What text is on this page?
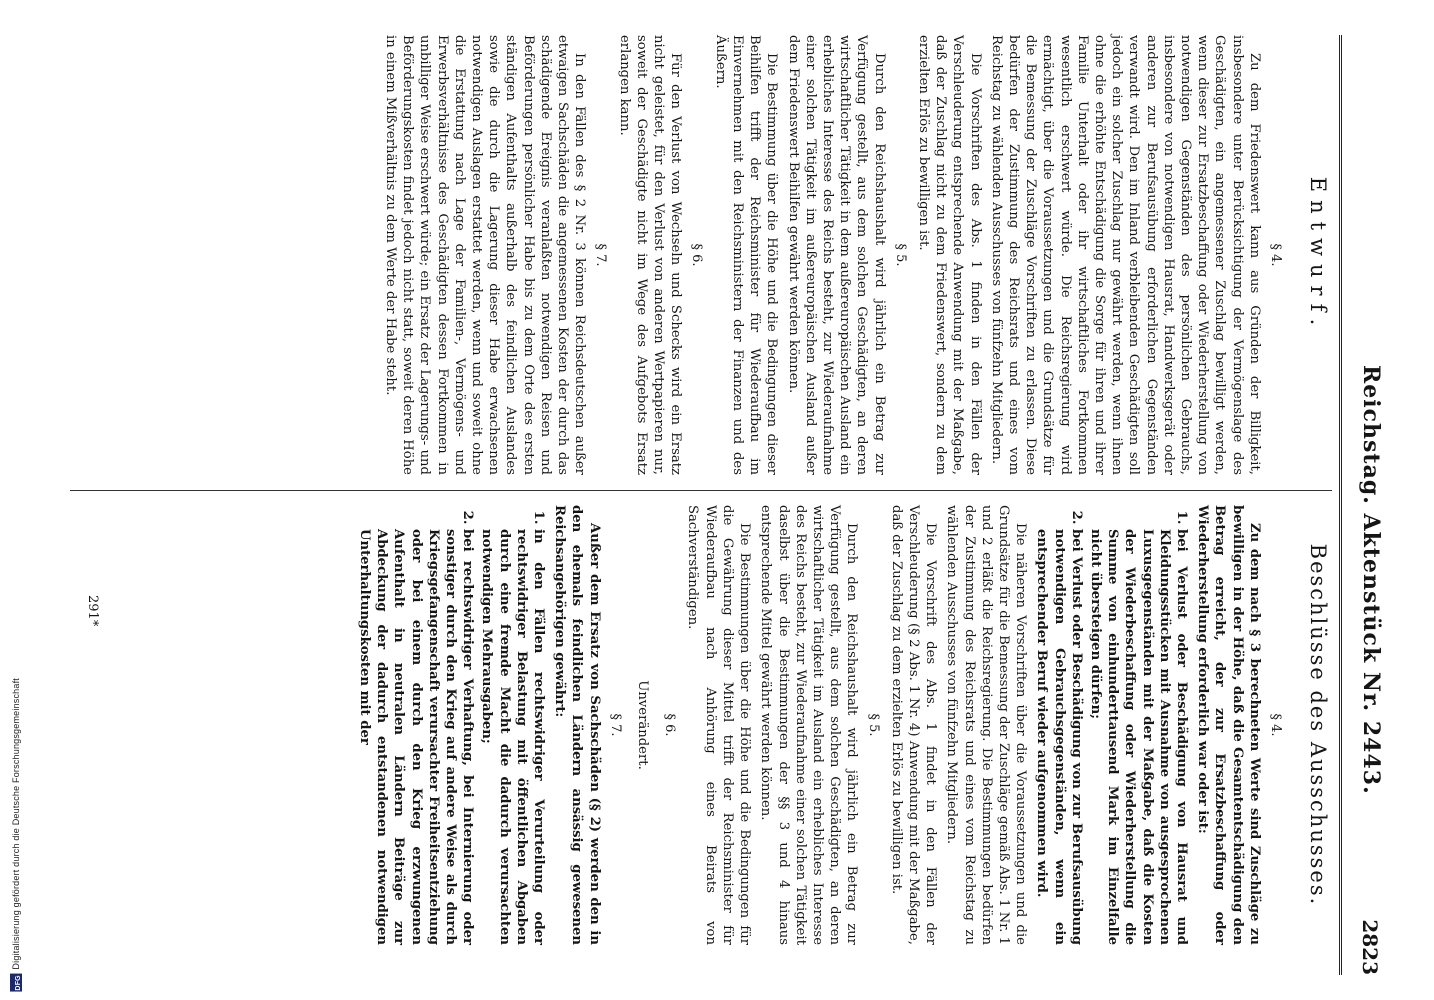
DFG
Digitalisierung gefördert durch die Deutsche Forschungsgemeinschaft
Reichstag. Aktenstück Nr. 2443.
2823
Entwurf.
Beschlüsse des Ausschusses.
§ 4.

Zu dem Friedenswert kann aus Gründen der Billigkeit, insbesondere unter Berücksichtigung der Vermögenslage des Geschädigten, ein angemessener Zuschlag bewilligt werden, wenn dieser zur Ersatzbeschaffung oder Wiederherstellung von notwendigen Gegenständen des persönlichen Gebrauchs, insbesondere von notwendigen Hausrat, Handwerksgerät oder anderen zur Berufsausübung erforderlichen Gegenständen verwandt wird. Den im Inland verbleibenden Geschädigten soll jedoch ein solcher Zuschlag nur gewährt werden, wenn ihnen ohne die erhöhte Entschädigung die Sorge für ihren und ihrer Familie Unterhalt oder ihr wirtschaftliches Fortkommen wesentlich erschwert würde. Die Reichsregierung wird ermächtigt, über die Voraussetzungen und die Grundsätze für die Bemessung der Zuschläge Vorschriften zu erlassen. Diese bedürfen der Zustimmung des Reichsrats und eines vom Reichstag zu wählenden Ausschusses von fünfzehn Mitgliedern.

Die Vorschriften des Abs. 1 finden in den Fällen der Verschleuderung entsprechende Anwendung mit der Maßgabe, daß der Zuschlag nicht zu dem Friedenswert, sondern zu dem erzielten Erlös zu bewilligen ist.

§ 5.

Durch den Reichshaushalt wird jährlich ein Betrag zur Verfügung gestellt, aus dem solchen Geschädigten, an deren wirtschaftlicher Tätigkeit in dem außereuropäischen Ausland ein erhebliches Interesse des Reichs besteht, zur Wiederaufnahme einer solchen Tätigkeit im außereuropäischen Ausland außer dem Friedenswert Beihilfen gewährt werden können.

Die Bestimmung über die Höhe und die Bedingungen dieser Beihilfen trifft der Reichsminister für Wiederaufbau im Einvernehmen mit den Reichsministern der Finanzen und des Äußern.

§ 6.

Für den Verlust von Wechseln und Schecks wird ein Ersatz nicht geleistet, für den Verlust von anderen Wertpapieren nur, soweit der Geschädigte nicht im Wege des Aufgebots Ersatz erlangen kann.

§ 7.

In den Fällen des § 2 Nr. 3 können Reichsdeutschen außer etwaigen Sachschäden die angemessenen Kosten der durch das schädigende Ereignis veranlaßten notwendigen Reisen und Beförderungen persönlicher Habe bis zu dem Orte des ersten ständigen Aufenthalts außerhalb des feindlichen Auslandes sowie die durch die Lagerung dieser Habe erwachsenen notwendigen Auslagen erstattet werden, wenn und soweit ohne die Erstattung nach Lage der Familien-, Vermögens- und Erwerbsverhältnisse des Geschädigten dessen Fortkommen in unbilliger Weise erschwert würde; ein Ersatz der Lagerungs- und Beförderungskosten findet jedoch nicht statt, soweit deren Höhe in einem Mißverhältnis zu dem Werte der Habe steht.

§ 4.

Zu dem nach § 3 berechneten Werte sind Zuschläge zu bewilligen in der Höhe, daß die Gesamtentschädigung den Betrag erreicht, der zur Ersatzbeschaffung oder Wiederherstellung erforderlich war oder ist:

1. bei Verlust oder Beschädigung von Hausrat und Kleidungsstücken mit Ausnahme von ausgesprochenen Luxusgegenständen mit der Maßgabe, daß die Kosten der Wiederbeschaffung oder Wiederherstellung die Summe von einhunderttausend Mark im Einzelfalle nicht übersteigen dürfen;
2. bei Verlust oder Beschädigung von zur Berufsausübung notwendigen Gebrauchsgegenständen, wenn ein entsprechender Beruf wieder aufgenommen wird.

Die näheren Vorschriften über die Voraussetzungen und die Grundsätze für die Bemessung der Zuschläge gemäß Abs. 1 Nr. 1 und 2 erläßt die Reichsregierung. Die Bestimmungen bedürfen der Zustimmung des Reichsrats und eines vom Reichstag zu wählenden Ausschusses von fünfzehn Mitgliedern.

Die Vorschrift des Abs. 1 findet in den Fällen der Verschleuderung (§ 2 Abs. 1 Nr. 4) Anwendung mit der Maßgabe, daß der Zuschlag zu dem erzielten Erlös zu bewilligen ist.

§ 5.

Durch den Reichshaushalt wird jährlich ein Betrag zur Verfügung gestellt, aus dem solchen Geschädigten, an deren wirtschaftlicher Tätigkeit im Ausland ein erhebliches Interesse des Reichs besteht, zur Wiederaufnahme einer solchen Tätigkeit daselbst über die Bestimmungen der §§ 3 und 4 hinaus entsprechende Mittel gewährt werden können.

Die Bestimmungen über die Höhe und die Bedingungen für die Gewährung dieser Mittel trifft der Reichsminister für Wiederaufbau nach Anhörung eines Beirats von Sachverständigen.

§ 6.
Unverändert.
§ 7.

Außer dem Ersatz von Sachschäden (§ 2) werden den in den ehemals feindlichen Ländern ansässig gewesenen Reichsangehörigen gewährt:

1. in den Fällen rechtswidriger Verurteilung oder rechtswidriger Belastung mit öffentlichen Abgaben durch eine fremde Macht die dadurch verursachten notwendigen Mehrausgaben;
2. bei rechtswidriger Verhaftung, bei Internierung oder sonstiger durch den Krieg auf andere Weise als durch Kriegsgefangenschaft verursachter Freiheitsentziehung oder bei einem durch den Krieg erzwungenen Aufenthalt in neutralen Ländern Beiträge zur Abdeckung der dadurch entstandenen notwendigen Unterhaltungskosten mit der
291*
